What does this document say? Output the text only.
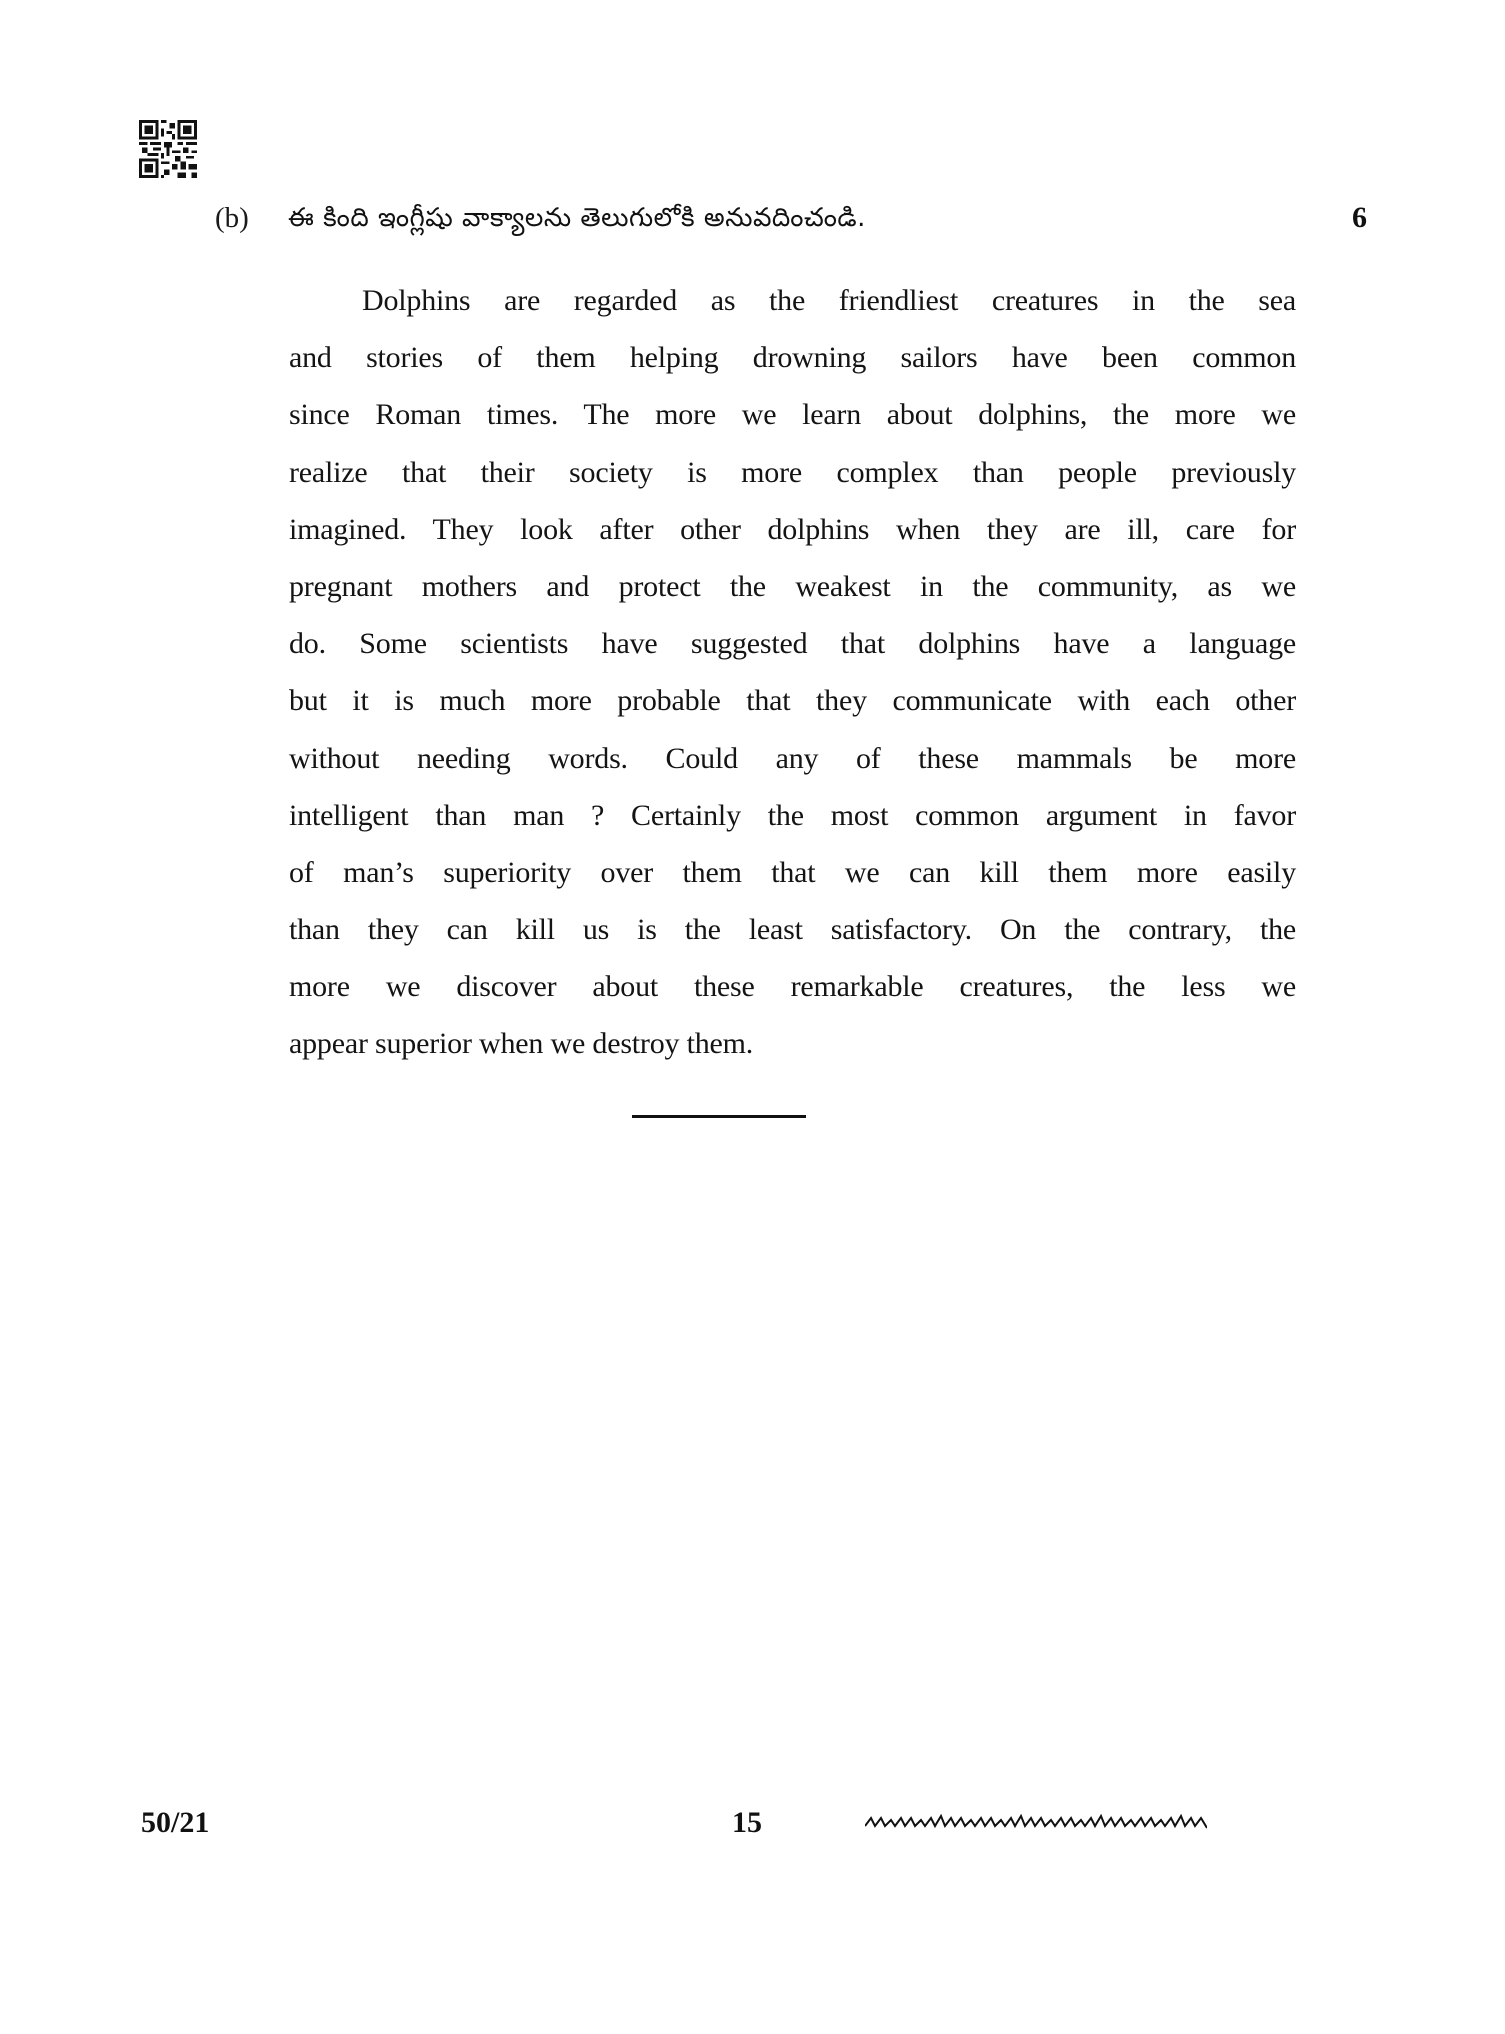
(b) ఈ కింది ఇంగ్లీషు వాక్యాలను తెలుగులోకి అనువదించండి.	6
Dolphins are regarded as the friendliest creatures in the sea
and stories of them helping drowning sailors have been common
since Roman times. The more we learn about dolphins, the more we
realize that their society is more complex than people previously
imagined. They look after other dolphins when they are ill, care for
pregnant mothers and protect the weakest in the community, as we
do. Some scientists have suggested that dolphins have a language
but it is much more probable that they communicate with each other
without needing words. Could any of these mammals be more
intelligent than man ? Certainly the most common argument in favor
of man’s superiority over them that we can kill them more easily
than they can kill us is the least satisfactory. On the contrary, the
more we discover about these remarkable creatures, the less we
appear superior when we destroy them.
50/21	15
